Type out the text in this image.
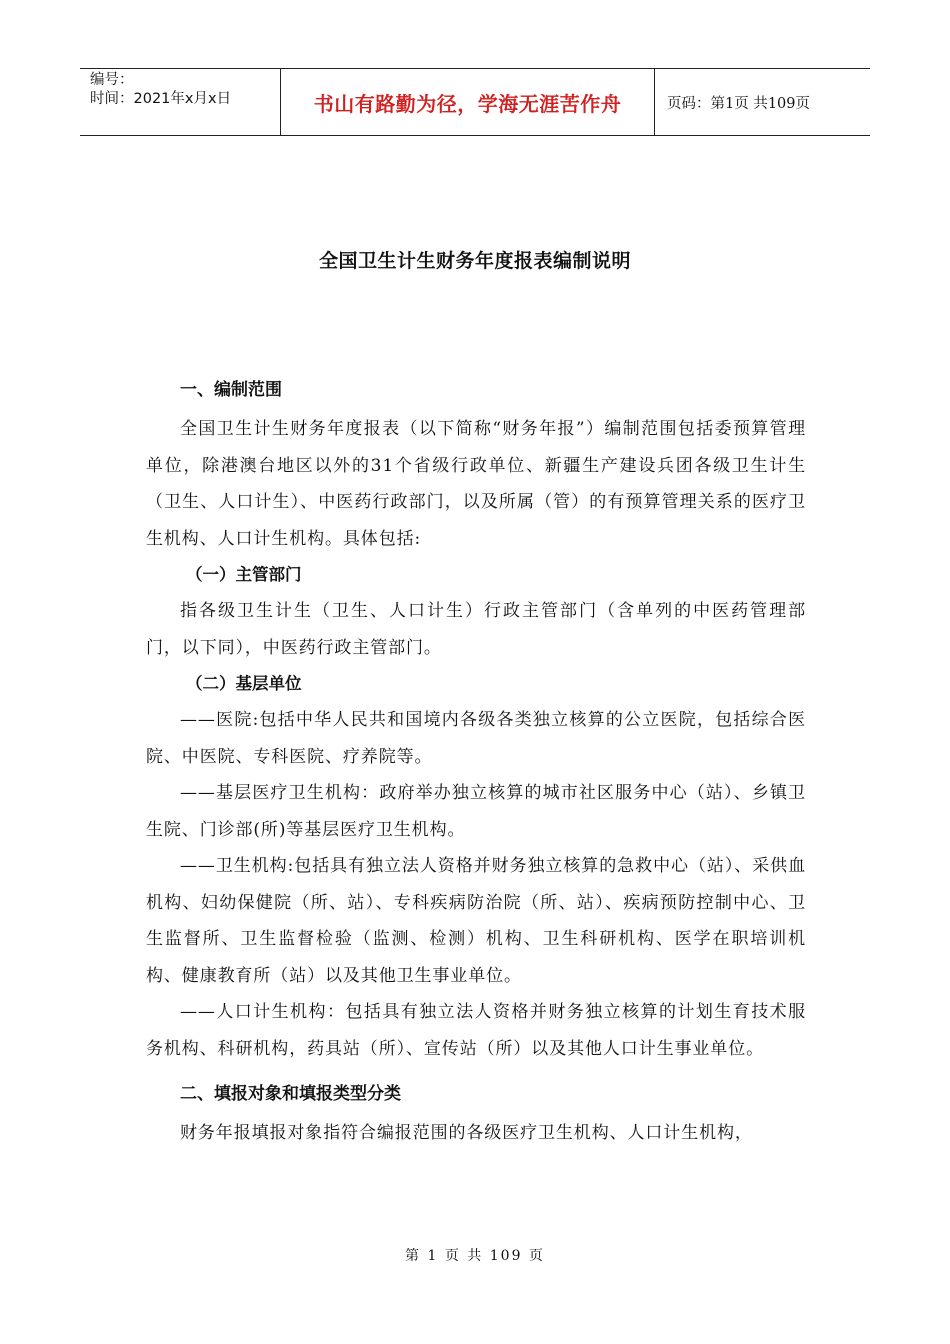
编号：
时间：2021年x月x日	书山有路勤为径，学海无涯苦作舟	页码：第1页 共109页
全国卫生计生财务年度报表编制说明
一、编制范围

全国卫生计生财务年度报表（以下简称“财务年报”）编制范围包括委预算管理单位，除港澳台地区以外的31个省级行政单位、新疆生产建设兵团各级卫生计生（卫生、人口计生）、中医药行政部门，以及所属（管）的有预算管理关系的医疗卫生机构、人口计生机构。具体包括:

（一）主管部门

指各级卫生计生（卫生、人口计生）行政主管部门（含单列的中医药管理部门，以下同），中医药行政主管部门。

（二）基层单位

——医院:包括中华人民共和国境内各级各类独立核算的公立医院，包括综合医院、中医院、专科医院、疗养院等。

——基层医疗卫生机构：政府举办独立核算的城市社区服务中心（站）、乡镇卫生院、门诊部(所)等基层医疗卫生机构。

——卫生机构:包括具有独立法人资格并财务独立核算的急救中心（站）、采供血机构、妇幼保健院（所、站）、专科疾病防治院（所、站）、疾病预防控制中心、卫生监督所、卫生监督检验（监测、检测）机构、卫生科研机构、医学在职培训机构、健康教育所（站）以及其他卫生事业单位。

——人口计生机构：包括具有独立法人资格并财务独立核算的计划生育技术服务机构、科研机构，药具站（所）、宣传站（所）以及其他人口计生事业单位。

二、填报对象和填报类型分类

财务年报填报对象指符合编报范围的各级医疗卫生机构、人口计生机构，

第 1 页 共 109 页
